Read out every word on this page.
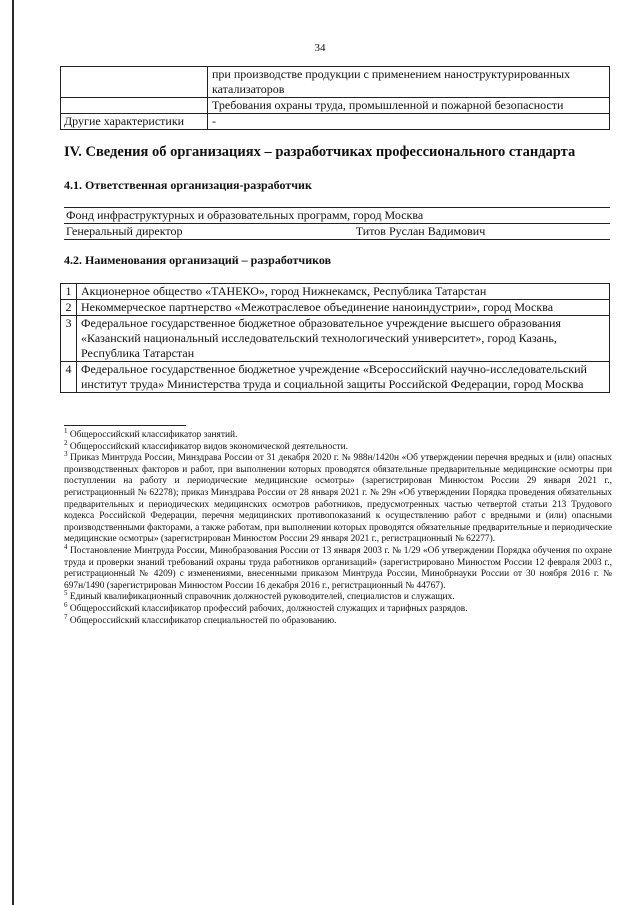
34
	при производстве продукции с применением наноструктурированных катализаторов
	Требования охраны труда, промышленной и пожарной безопасности
Другие характеристики	-
IV. Сведения об организациях – разработчиках профессионального стандарта
4.1. Ответственная организация-разработчик
Фонд инфраструктурных и образовательных программ, город Москва
Генеральный директор	Титов Руслан Вадимович
4.2. Наименования организаций – разработчиков
1	Акционерное общество «ТАНЕКО», город Нижнекамск, Республика Татарстан
2	Некоммерческое партнерство «Межотраслевое объединение наноиндустрии», город Москва
3	Федеральное государственное бюджетное образовательное учреждение высшего образования «Казанский национальный исследовательский технологический университет», город Казань, Республика Татарстан
4	Федеральное государственное бюджетное учреждение «Всероссийский научно-исследовательский институт труда» Министерства труда и социальной защиты Российской Федерации, город Москва

$^1$ Общероссийский классификатор занятий.

$^2$ Общероссийский классификатор видов экономической деятельности.

$^3$ Приказ Минтруда России, Минздрава России от 31 декабря 2020 г. № 988н/1420н «Об утверждении перечня вредных и (или) опасных производственных факторов и работ, при выполнении которых проводятся обязательные предварительные медицинские осмотры при поступлении на работу и периодические медицинские осмотры» (зарегистрирован Минюстом России 29 января 2021 г., регистрационный № 62278); приказ Минздрава России от 28 января 2021 г. № 29н «Об утверждении Порядка проведения обязательных предварительных и периодических медицинских осмотров работников, предусмотренных частью четвертой статьи 213 Трудового кодекса Российской Федерации, перечня медицинских противопоказаний к осуществлению работ с вредными и (или) опасными производственными факторами, а также работам, при выполнении которых проводятся обязательные предварительные и периодические медицинские осмотры» (зарегистрирован Минюстом России 29 января 2021 г., регистрационный № 62277).

$^4$ Постановление Минтруда России, Минобразования России от 13 января 2003 г. № 1/29 «Об утверждении Порядка обучения по охране труда и проверки знаний требований охраны труда работников организаций» (зарегистрировано Минюстом России 12 февраля 2003 г., регистрационный № 4209) с изменениями, внесенными приказом Минтруда России, Минобрнауки России от 30 ноября 2016 г. № 697н/1490 (зарегистрирован Минюстом России 16 декабря 2016 г., регистрационный № 44767).

$^5$ Единый квалификационный справочник должностей руководителей, специалистов и служащих.

$^6$ Общероссийский классификатор профессий рабочих, должностей служащих и тарифных разрядов.

$^7$ Общероссийский классификатор специальностей по образованию.
